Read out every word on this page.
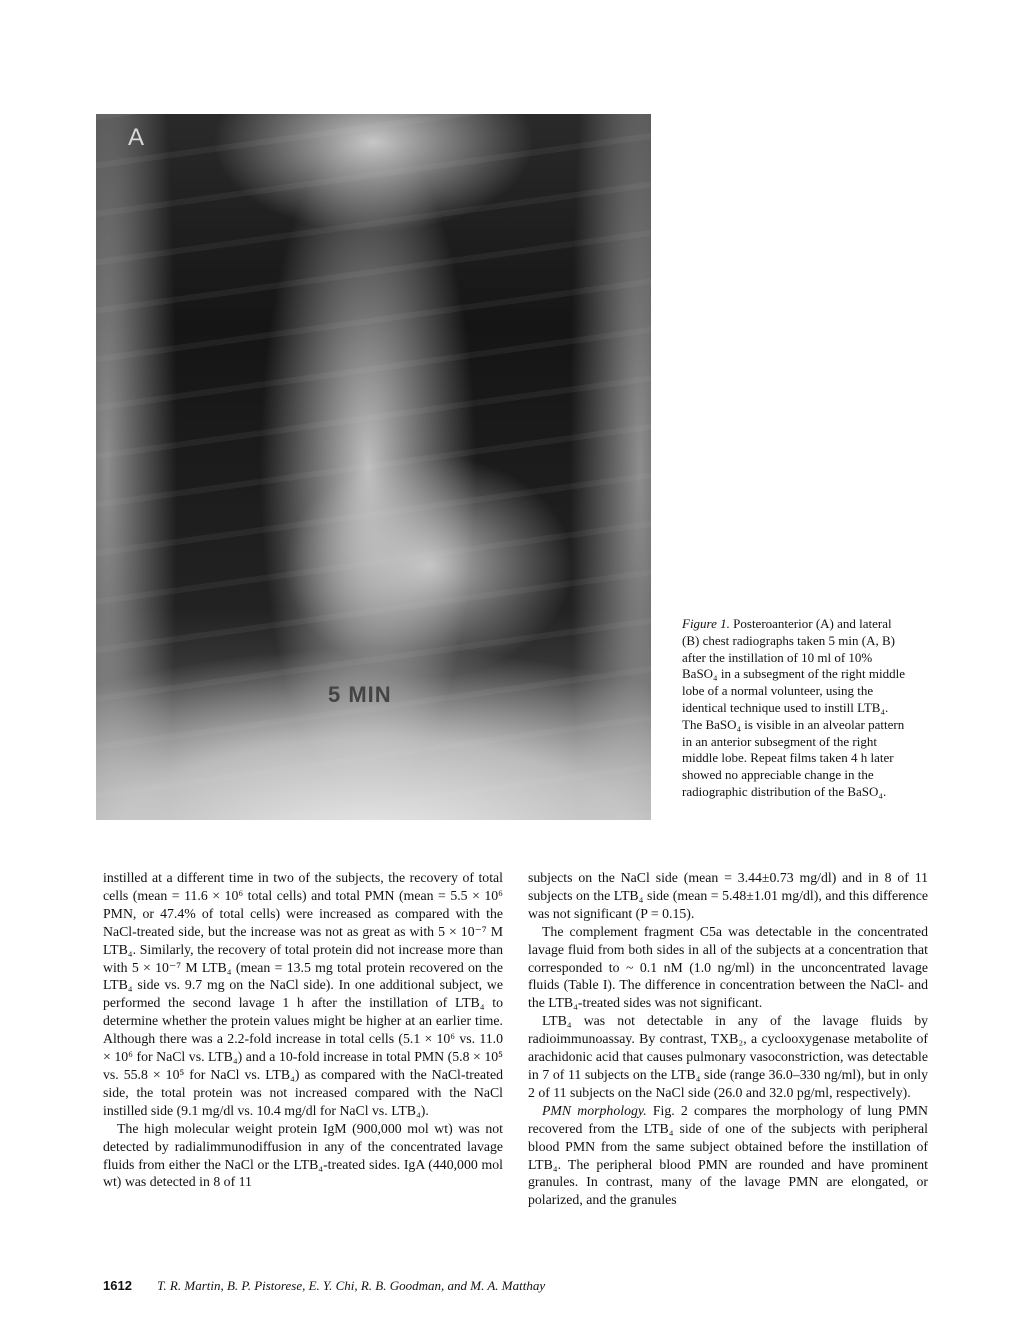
A
5 MIN
Figure 1. Posteroanterior (A) and lateral (B) chest radiographs taken 5 min (A, B) after the instillation of 10 ml of 10% BaSO₄ in a subsegment of the right middle lobe of a normal volunteer, using the identical technique used to instill LTB₄. The BaSO₄ is visible in an alveolar pattern in an anterior subsegment of the right middle lobe. Repeat films taken 4 h later showed no appreciable change in the radiographic distribution of the BaSO₄.

instilled at a different time in two of the subjects, the recovery of total cells (mean = 11.6 × 10⁶ total cells) and total PMN (mean = 5.5 × 10⁶ PMN, or 47.4% of total cells) were increased as compared with the NaCl-treated side, but the increase was not as great as with 5 × 10⁻⁷ M LTB₄. Similarly, the recovery of total protein did not increase more than with 5 × 10⁻⁷ M LTB₄ (mean = 13.5 mg total protein recovered on the LTB₄ side vs. 9.7 mg on the NaCl side). In one additional subject, we performed the second lavage 1 h after the instillation of LTB₄ to determine whether the protein values might be higher at an earlier time. Although there was a 2.2-fold increase in total cells (5.1 × 10⁶ vs. 11.0 × 10⁶ for NaCl vs. LTB₄) and a 10-fold increase in total PMN (5.8 × 10⁵ vs. 55.8 × 10⁵ for NaCl vs. LTB₄) as compared with the NaCl-treated side, the total protein was not increased compared with the NaCl instilled side (9.1 mg/dl vs. 10.4 mg/dl for NaCl vs. LTB₄).

The high molecular weight protein IgM (900,000 mol wt) was not detected by radialimmunodiffusion in any of the concentrated lavage fluids from either the NaCl or the LTB₄-treated sides. IgA (440,000 mol wt) was detected in 8 of 11

subjects on the NaCl side (mean = 3.44±0.73 mg/dl) and in 8 of 11 subjects on the LTB₄ side (mean = 5.48±1.01 mg/dl), and this difference was not significant (P = 0.15).

The complement fragment C5a was detectable in the concentrated lavage fluid from both sides in all of the subjects at a concentration that corresponded to ~ 0.1 nM (1.0 ng/ml) in the unconcentrated lavage fluids (Table I). The difference in concentration between the NaCl- and the LTB₄-treated sides was not significant.

LTB₄ was not detectable in any of the lavage fluids by radioimmunoassay. By contrast, TXB₂, a cyclooxygenase metabolite of arachidonic acid that causes pulmonary vasoconstriction, was detectable in 7 of 11 subjects on the LTB₄ side (range 36.0–330 ng/ml), but in only 2 of 11 subjects on the NaCl side (26.0 and 32.0 pg/ml, respectively).

PMN morphology. Fig. 2 compares the morphology of lung PMN recovered from the LTB₄ side of one of the subjects with peripheral blood PMN from the same subject obtained before the instillation of LTB₄. The peripheral blood PMN are rounded and have prominent granules. In contrast, many of the lavage PMN are elongated, or polarized, and the granules

1612 T. R. Martin, B. P. Pistorese, E. Y. Chi, R. B. Goodman, and M. A. Matthay
